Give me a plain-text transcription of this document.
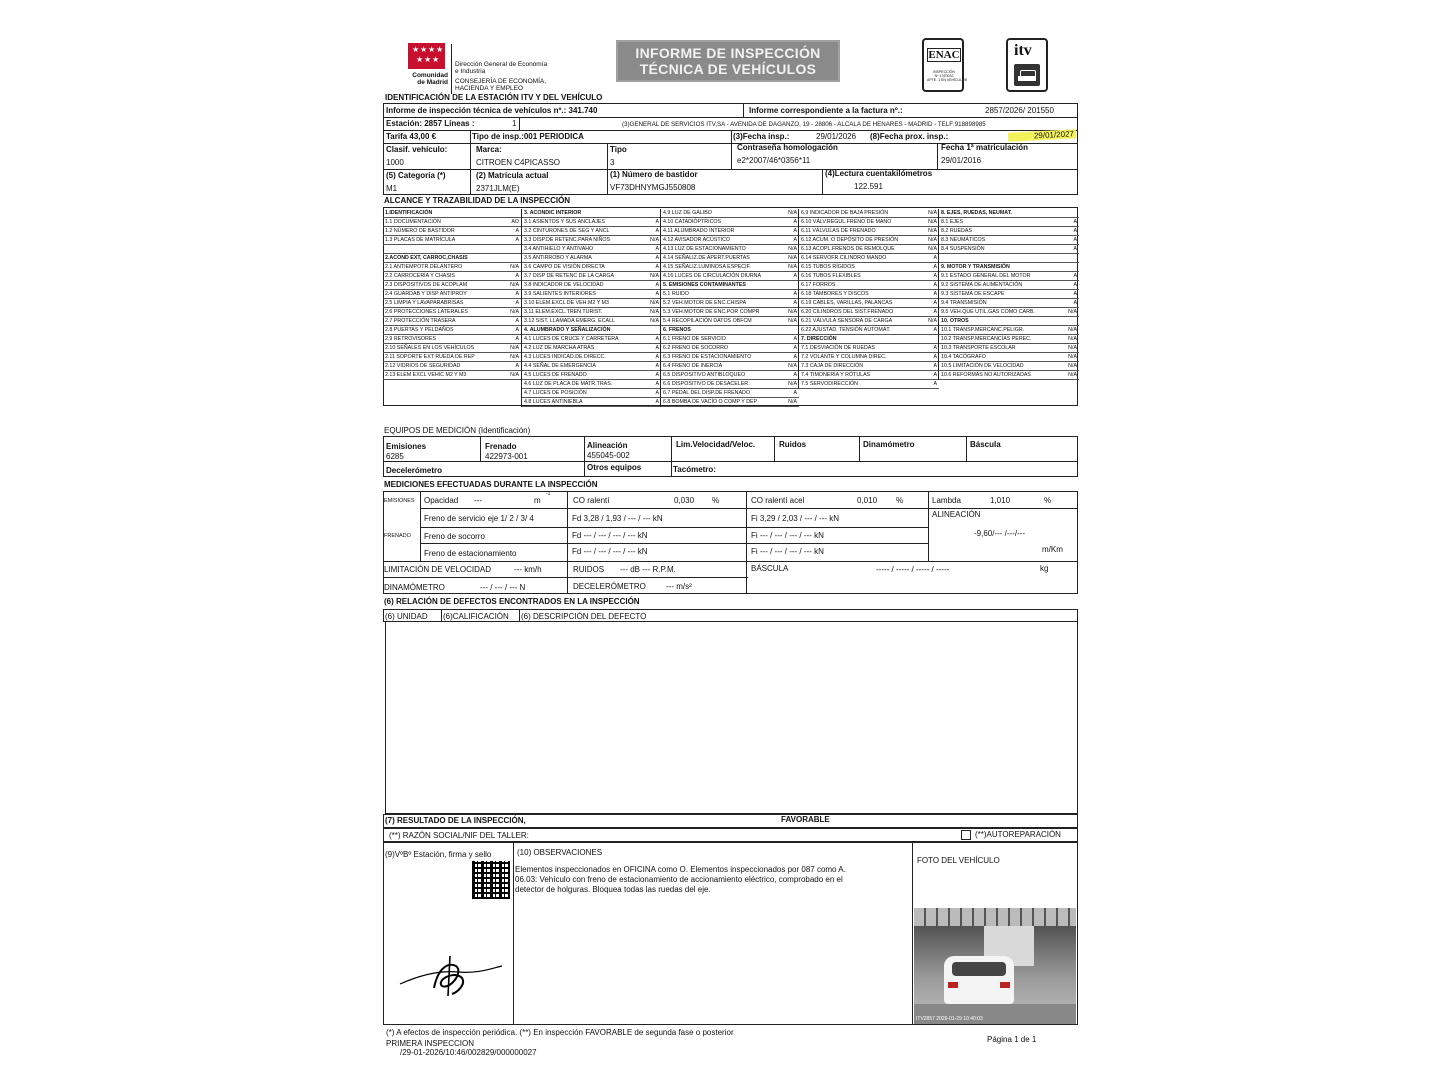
★ ★ ★ ★
★ ★ ★
Comunidad
de Madrid
Dirección General de Economía
e Industria
CONSEJERÍA DE ECONOMÍA,
HACIENDA Y EMPLEO
INFORME DE INSPECCIÓN
TÉCNICA DE VEHÍCULOS
ENAC
INSPECCIÓN
Nº 17/EI032
APTE. 1 EN VEHÍCULOS
itv
IDENTIFICACIÓN DE LA ESTACIÓN ITV Y DEL VEHÍCULO
Informe de inspección técnica de vehículos nº.: 341.740	Informe correspondiente a la factura nº.:	2857/2026/ 201550
Estación: 2857 Líneas :	1	(3)GENERAL DE SERVICIOS ITV,SA - AVENIDA DE DAGANZO, 19 - 28806 - ALCALA DE HENARES - MADRID - TELF:918898985
Tarifa 43,00 €	Tipo de insp.:001 PERIODICA	(3)Fecha insp.:	29/01/2026 (8)Fecha prox. insp.:	29/01/2027
Clasif. vehículo:
1000
Marca:
CITROEN C4PICASSO
Tipo
3
Contraseña homologación
e2*2007/46*0356*11
Fecha 1ª matriculación
29/01/2016
(5) Categoría (*)
M1
(2) Matrícula actual
2371JLM(E)
(1) Número de bastidor
VF73DHNYMGJ550808
(4)Lectura cuentakilómetros
122.591
ALCANCE Y TRAZABILIDAD DE LA INSPECCIÓN
1.IDENTIFICACIÓN
1.1 DOCUMENTACIÓN	AO
1.2 NÚMERO DE BASTIDOR	A
1.3 PLACAS DE MATRÍCULA	A
2.ACOND EXT, CARROC,CHASIS
2.1 ANTIEMPOTR.DELANTERO	N/A
2.2 CARROCERÍA Y CHASIS	A
2.3 DISPOSITIVOS DE ACOPLAM	N/A
2.4 GUARDAB Y DISP ANTIPROY	A
2.5 LIMPIA Y LAVAPARABRISAS	A
2.6 PROTECCIONES LATERALES	N/A
2.7 PROTECCIÓN TRASERA	A
2.8 PUERTAS Y PELDAÑOS	A
2.9 RETROVISORES	A
2.10 SEÑALES EN LOS VEHÍCULOS	N/A
2.11 SOPORTE EXT RUEDA DE REP	N/A
2.12 VIDRIOS DE SEGURIDAD	A
2.13 ELEM EXCL VEHIC M2 Y M3	N/A
3. ACONDIC INTERIOR
3.1 ASIENTOS Y SUS ANCLAJES	A
3.2 CINTURONES DE SEG Y ANCL	A
3.3 DISP.DE RETENC.PARA NIÑOS	N/A
3.4 ANTIHIELO Y ANTIVAHO	A
3.5 ANTIRROBO Y ALARMA	A
3.6 CAMPO DE VISIÓN DIRECTA	A
3.7 DISP DE RETENC DE LA CARGA	N/A
3.8 INDICADOR DE VELOCIDAD	A
3.9 SALIENTES INTERIORES	A
3.10 ELEM.EXCL DE VEH.M2 Y M3	N/A
3.11 ELEM.EXCL.TREN TURIST.	N/A
3.12 SIST. LLAMADA EMERG. ECALL	N/A
4. ALUMBRADO Y SEÑALIZACIÓN
4.1 LUCES DE CRUCE Y CARRETERA	A
4.2 LUZ DE MARCHA ATRÁS	A
4.3 LUCES INDICAD.DE DIRECC.	A
4.4 SEÑAL DE EMERGENCIA	A
4.5 LUCES DE FRENADO	A
4.6 LUZ DE PLACA DE MATR.TRAS.	A
4.7 LUCES DE POSICIÓN	A
4.8 LUCES ANTINIEBLA	A
4.9 LUZ DE GÁLIBO	N/A
4.10 CATADIÓPTRICOS	A
4.11 ALUMBRADO INTERIOR	A
4.12 AVISADOR ACÚSTICO	A
4.13 LUZ DE ESTACIONAMIENTO	N/A
4.14 SEÑALIZ.DE APERT.PUERTAS	N/A
4.15 SEÑALIZ.LUMINOSA ESPECIF.	N/A
4.16 LUCES DE CIRCULACIÓN DIURNA	A
5. EMISIONES CONTAMINANTES
5.1 RUIDO	A
5.2 VEH.MOTOR DE ENC.CHISPA	A
5.3 VEH.MOTOR DE ENC.POR COMPR	N/A
5.4 RECOPILACIÓN DATOS OBFCM	N/A
6. FRENOS
6.1 FRENO DE SERVICIO	A
6.2 FRENO DE SOCORRO	A
6.3 FRENO DE ESTACIONAMIENTO	A
6.4 FRENO DE INERCIA	N/A
6.5 DISPOSITIVO ANTIBLOQUEO	A
6.6 DISPOSITIVO DE DESACELER.	N/A
6.7 PEDAL DEL DISP.DE FRENADO	A
6.8 BOMBA DE VACÍO O COMP Y DEP	N/A
6.9 INDICADOR DE BAJA PRESIÓN	N/A
6.10 VÁLV.REGUL.FRENO DE MANO	N/A
6.11 VÁLVULAS DE FRENADO	N/A
6.12 ACUM. O DEPÓSITO DE PRESIÓN	N/A
6.13 ACOPL.FRENOS DE REMOLQUE	N/A
6.14 SERVOFR.CILINDRO MANDO	A
6.15 TUBOS RÍGIDOS	A
6.16 TUBOS FLEXIBLES	A
6.17 FORROS	A
6.18 TAMBORES Y DISCOS	A
6.19 CABLES, VARILLAS, PALANCAS	A
6.20 CILINDROS DEL SIST.FRENADO	A
6.21 VÁLVULA SENSORA DE CARGA	N/A
6.22 AJUSTAD. TENSIÓN AUTOMÁT.	A
7. DIRECCIÓN
7.1 DESVIACIÓN DE RUEDAS	A
7.2 VOLANTE Y COLUMNA DIREC.	A
7.3 CAJA DE DIRECCIÓN	A
7.4 TIMONERÍA Y RÓTULAS	A
7.5 SERVODIRECCIÓN	A
8. EJES, RUEDAS, NEUMAT.
8.1 EJES	A
8.2 RUEDAS	A
8.3 NEUMÁTICOS	A
8.4 SUSPENSIÓN	A
9. MOTOR Y TRANSMISIÓN
9.1 ESTADO GENERAL DEL MOTOR	A
9.2 SISTEMA DE ALIMENTACIÓN	A
9.3 SISTEMA DE ESCAPE	A
9.4 TRANSMISIÓN	A
9.5 VEH.QUE UTIL.GAS COMO CARB.	N/A
10. OTROS
10.1 TRANSP.MERCANC.PELIGR.	N/A
10.2 TRANSP.MERCANCÍAS PEREC.	N/A
10.3 TRANSPORTE ESCOLAR	N/A
10.4 TACÓGRAFO	N/A
10.5 LIMITACIÓN DE VELOCIDAD	N/A
10.6 REFORMAS NO AUTORIZADAS	N/A
EQUIPOS DE MEDICIÓN (Identificación)
Emisiones
6285
Frenado
422973-001
Alineación
455045-002
Lim.Velocidad/Veloc.	Ruidos	Dinamómetro	Báscula
Decelerómetro	Otros equipos	Tacómetro:
MEDICIONES EFECTUADAS DURANTE LA INSPECCIÓN
EMISIONES Opacidad ---	m
-1
CO ralentí	0,030 %	CO ralentí acel	0,010 %	Lambda	1,010	%
FRENADO
Freno de servicio eje 1/ 2 / 3/ 4	Fd 3,28 / 1,93 / --- / --- kN	Fi 3,29 / 2,03 / --- / --- kN
Freno de socorro	Fd --- / --- / --- / --- kN	Fi --- / --- / --- / --- kN
Freno de estacionamiento	Fd --- / --- / --- / --- kN	Fi --- / --- / --- / --- kN
ALINEACIÓN
-9,60/--- /---/---
m/Km
LIMITACIÓN DE VELOCIDAD	--- km/h	RUIDOS --- dB --- R.P.M.	BÁSCULA	----- / ----- / ----- / -----	kg
DINAMÓMETRO	--- / --- / --- N	DECELERÓMETRO	--- m/s²
(6) RELACIÓN DE DEFECTOS ENCONTRADOS EN LA INSPECCIÓN
(6) UNIDAD (6)CALIFICACIÓN (6) DESCRIPCIÓN DEL DEFECTO
(7) RESULTADO DE LA INSPECCIÓN,	FAVORABLE
(**) RAZÓN SOCIAL/NIF DEL TALLER:	(**)AUTOREPARACIÓN
(9)VºBº Estación, firma y sello	(10) OBSERVACIONES
Elementos inspeccionados en OFICINA como O. Elementos inspeccionados por 087 como A.
06.03: Vehículo con freno de estacionamiento de accionamiento eléctrico, comprobado en el
detector de holguras. Bloquea todas las ruedas del eje.
FOTO DEL VEHÍCULO
ITV2857 2026-01-29 10:40:03
(*) A efectos de inspección periódica. (**) En inspección FAVORABLE de segunda fase o posterior
PRIMERA INSPECCION
/29-01-2026/10:46/002829/000000027
Página 1 de 1
